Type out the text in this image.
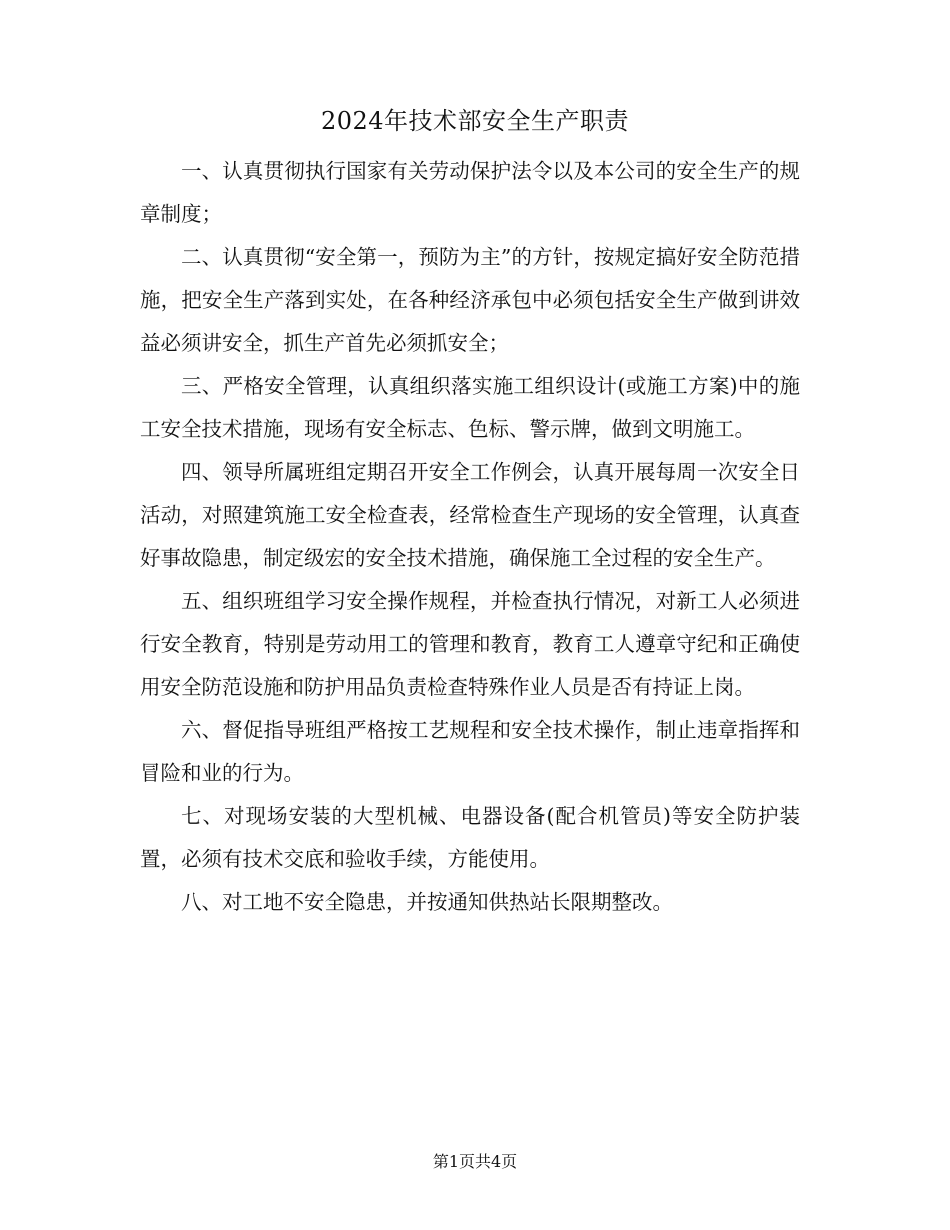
2024年技术部安全生产职责

一、认真贯彻执行国家有关劳动保护法令以及本公司的安全生产的规章制度；

二、认真贯彻“安全第一，预防为主”的方针，按规定搞好安全防范措施，把安全生产落到实处，在各种经济承包中必须包括安全生产做到讲效益必须讲安全，抓生产首先必须抓安全；

三、严格安全管理，认真组织落实施工组织设计(或施工方案)中的施工安全技术措施，现场有安全标志、色标、警示牌，做到文明施工。

四、领导所属班组定期召开安全工作例会，认真开展每周一次安全日活动，对照建筑施工安全检查表，经常检查生产现场的安全管理，认真查好事故隐患，制定级宏的安全技术措施，确保施工全过程的安全生产。

五、组织班组学习安全操作规程，并检查执行情况，对新工人必须进行安全教育，特别是劳动用工的管理和教育，教育工人遵章守纪和正确使用安全防范设施和防护用品负责检查特殊作业人员是否有持证上岗。

六、督促指导班组严格按工艺规程和安全技术操作，制止违章指挥和冒险和业的行为。

七、对现场安装的大型机械、电器设备(配合机管员)等安全防护装置，必须有技术交底和验收手续，方能使用。

八、对工地不安全隐患，并按通知供热站长限期整改。

第1页共4页
